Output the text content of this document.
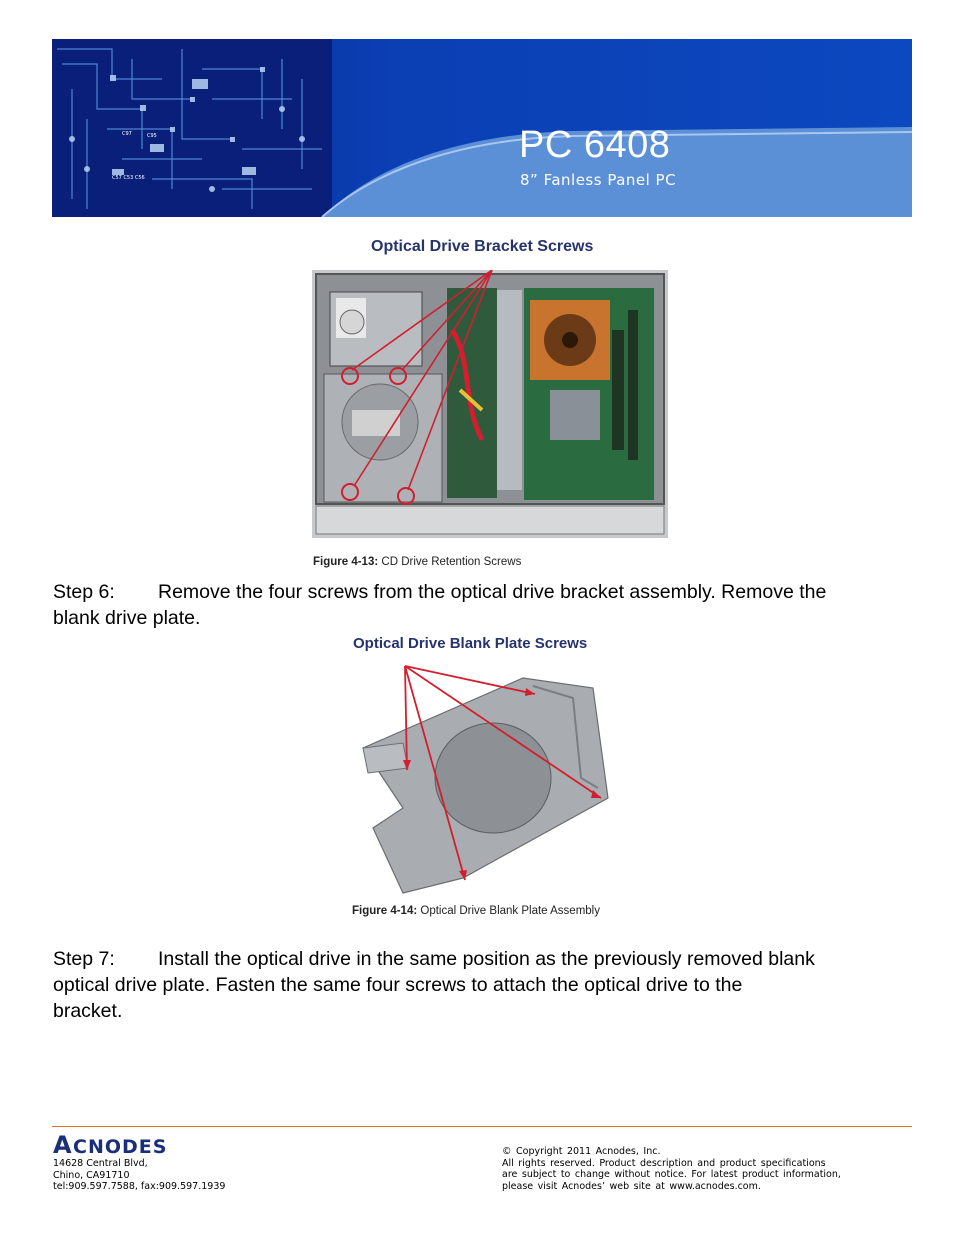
C97	C95
C57 C53 C56
PC 6408
8” Fanless Panel PC
Optical Drive Bracket Screws
Figure 4-13: CD Drive Retention Screws
Step 6: Remove the four screws from the optical drive bracket assembly. Remove the
blank drive plate.
Optical Drive Blank Plate Screws
Figure 4-14: Optical Drive Blank Plate Assembly
Step 7: Install the optical drive in the same position as the previously removed blank
optical drive plate. Fasten the same four screws to attach the optical drive to the
bracket.
A CNODES
14628 Central Blvd,
Chino, CA91710
tel:909.597.7588, fax:909.597.1939
© Copyright 2011 Acnodes, Inc.
All rights reserved. Product description and product specifications
are subject to change without notice. For latest product information,
please visit Acnodes’ web site at www.acnodes.com.
